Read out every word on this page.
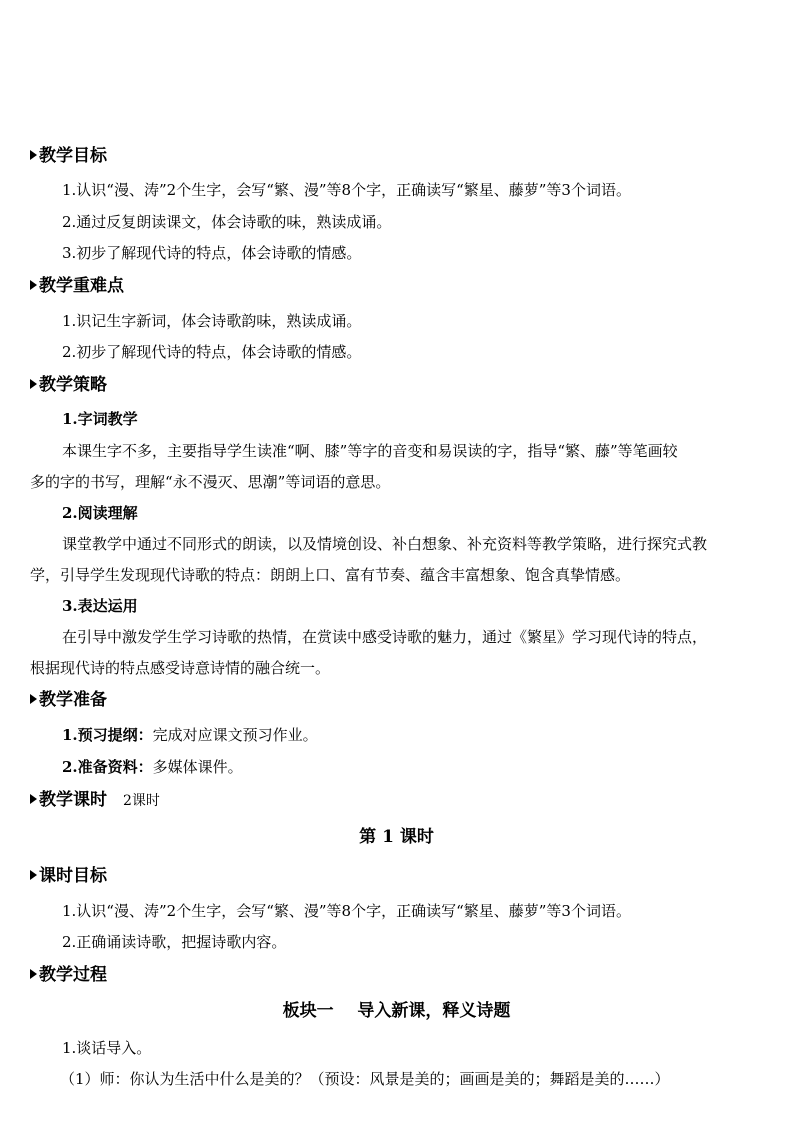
教学目标
1.认识“漫、涛”2个生字，会写“繁、漫”等8个字，正确读写“繁星、藤萝”等3个词语。
2.通过反复朗读课文，体会诗歌的味，熟读成诵。
3.初步了解现代诗的特点，体会诗歌的情感。
教学重难点
1.识记生字新词，体会诗歌韵味，熟读成诵。
2.初步了解现代诗的特点，体会诗歌的情感。
教学策略
1.字词教学
本课生字不多，主要指导学生读准“啊、膝”等字的音变和易误读的字，指导“繁、藤”等笔画较
多的字的书写，理解“永不漫灭、思潮”等词语的意思。
2.阅读理解
课堂教学中通过不同形式的朗读，以及情境创设、补白想象、补充资料等教学策略，进行探究式教
学，引导学生发现现代诗歌的特点：朗朗上口、富有节奏、蕴含丰富想象、饱含真挚情感。
3.表达运用
在引导中激发学生学习诗歌的热情，在赏读中感受诗歌的魅力，通过《繁星》学习现代诗的特点，
根据现代诗的特点感受诗意诗情的融合统一。
教学准备
1.预习提纲：完成对应课文预习作业。
2.准备资料：多媒体课件。
教学课时 2课时
第 1 课时
课时目标
1.认识“漫、涛”2个生字，会写“繁、漫”等8个字，正确读写“繁星、藤萝”等3个词语。
2.正确诵读诗歌，把握诗歌内容。
教学过程
板块一    导入新课，释义诗题
1.谈话导入。
（1）师：你认为生活中什么是美的？（预设：风景是美的；画画是美的；舞蹈是美的……）
